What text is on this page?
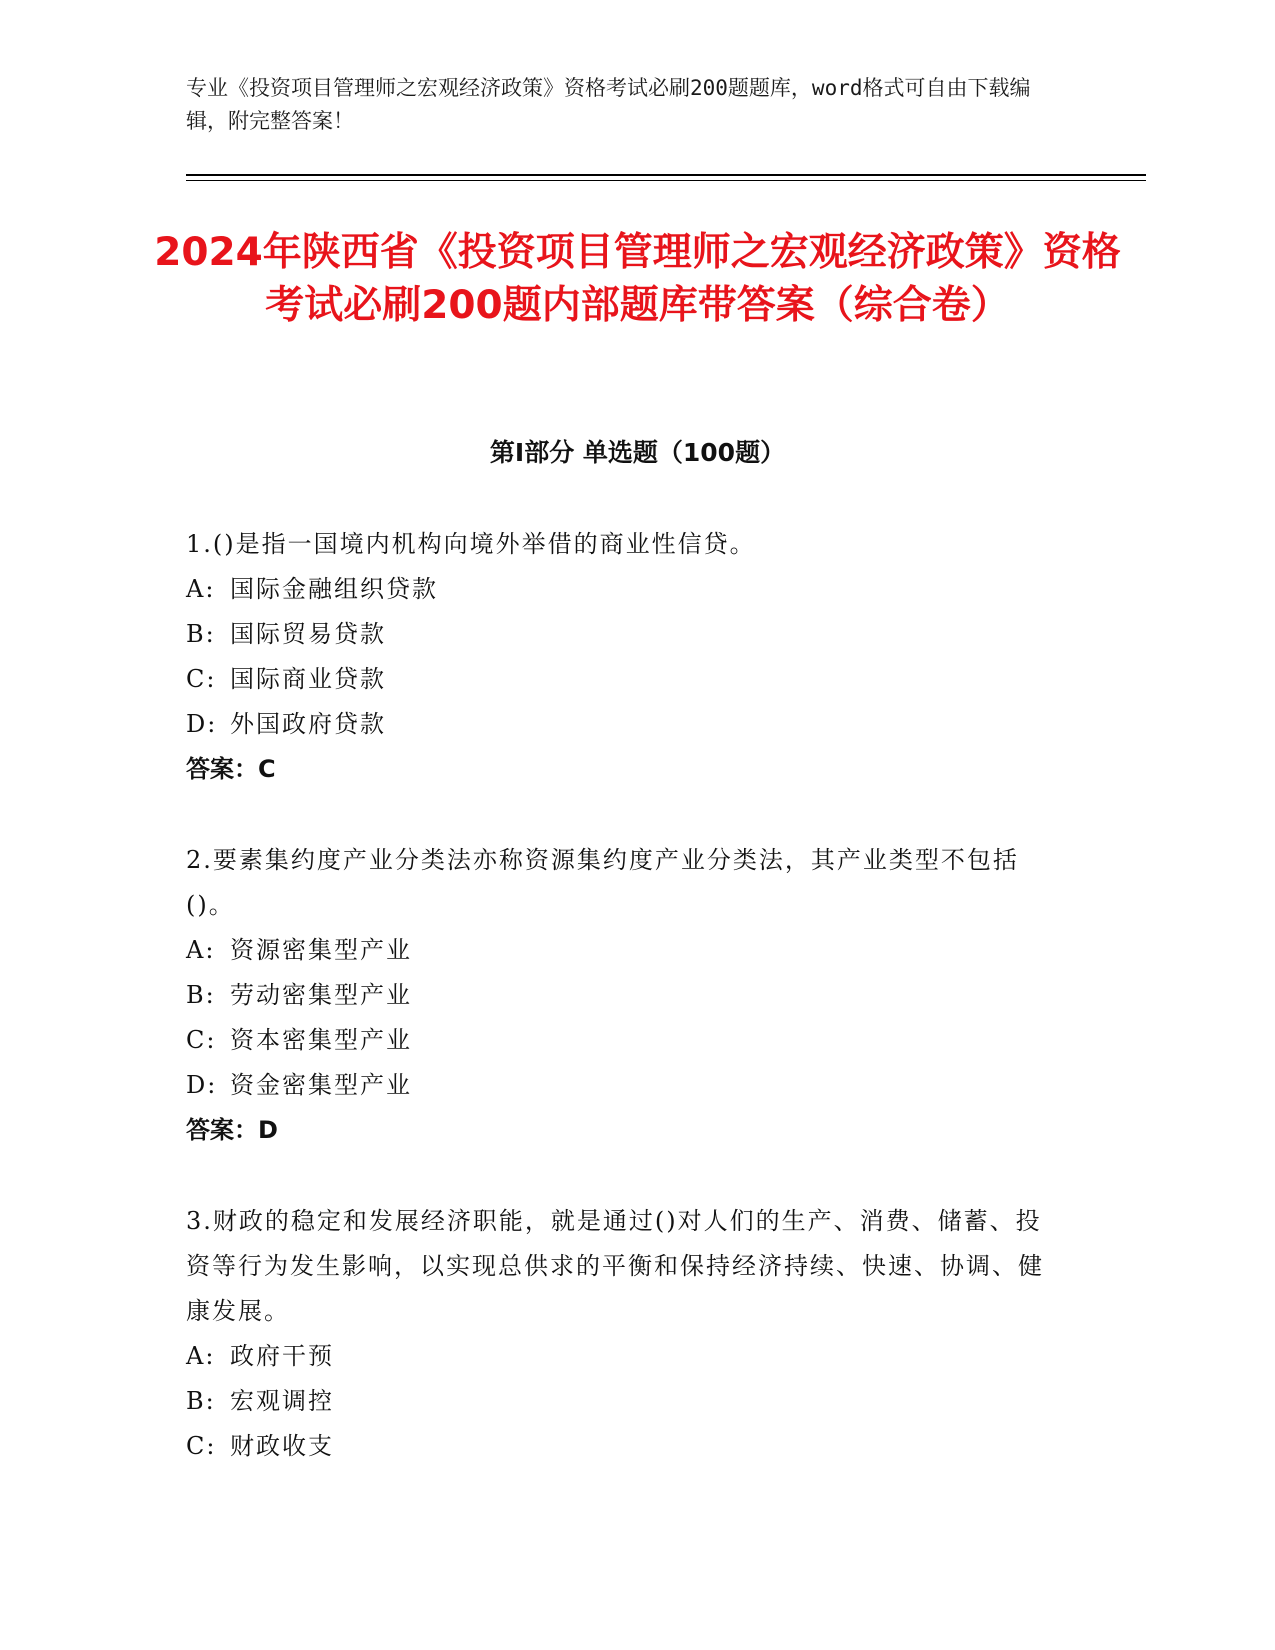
专业《投资项目管理师之宏观经济政策》资格考试必刷200题题库，word格式可自由下载编辑，附完整答案！
2024年陕西省《投资项目管理师之宏观经济政策》资格考试必刷200题内部题库带答案（综合卷）
第I部分 单选题（100题）

1.()是指一国境内机构向境外举借的商业性信贷。

A: 国际金融组织贷款

B: 国际贸易贷款

C: 国际商业贷款

D: 外国政府贷款

答案：C

2.要素集约度产业分类法亦称资源集约度产业分类法，其产业类型不包括()。

A: 资源密集型产业

B: 劳动密集型产业

C: 资本密集型产业

D: 资金密集型产业

答案：D

3.财政的稳定和发展经济职能，就是通过()对人们的生产、消费、储蓄、投资等行为发生影响，以实现总供求的平衡和保持经济持续、快速、协调、健康发展。

A: 政府干预

B: 宏观调控

C: 财政收支
